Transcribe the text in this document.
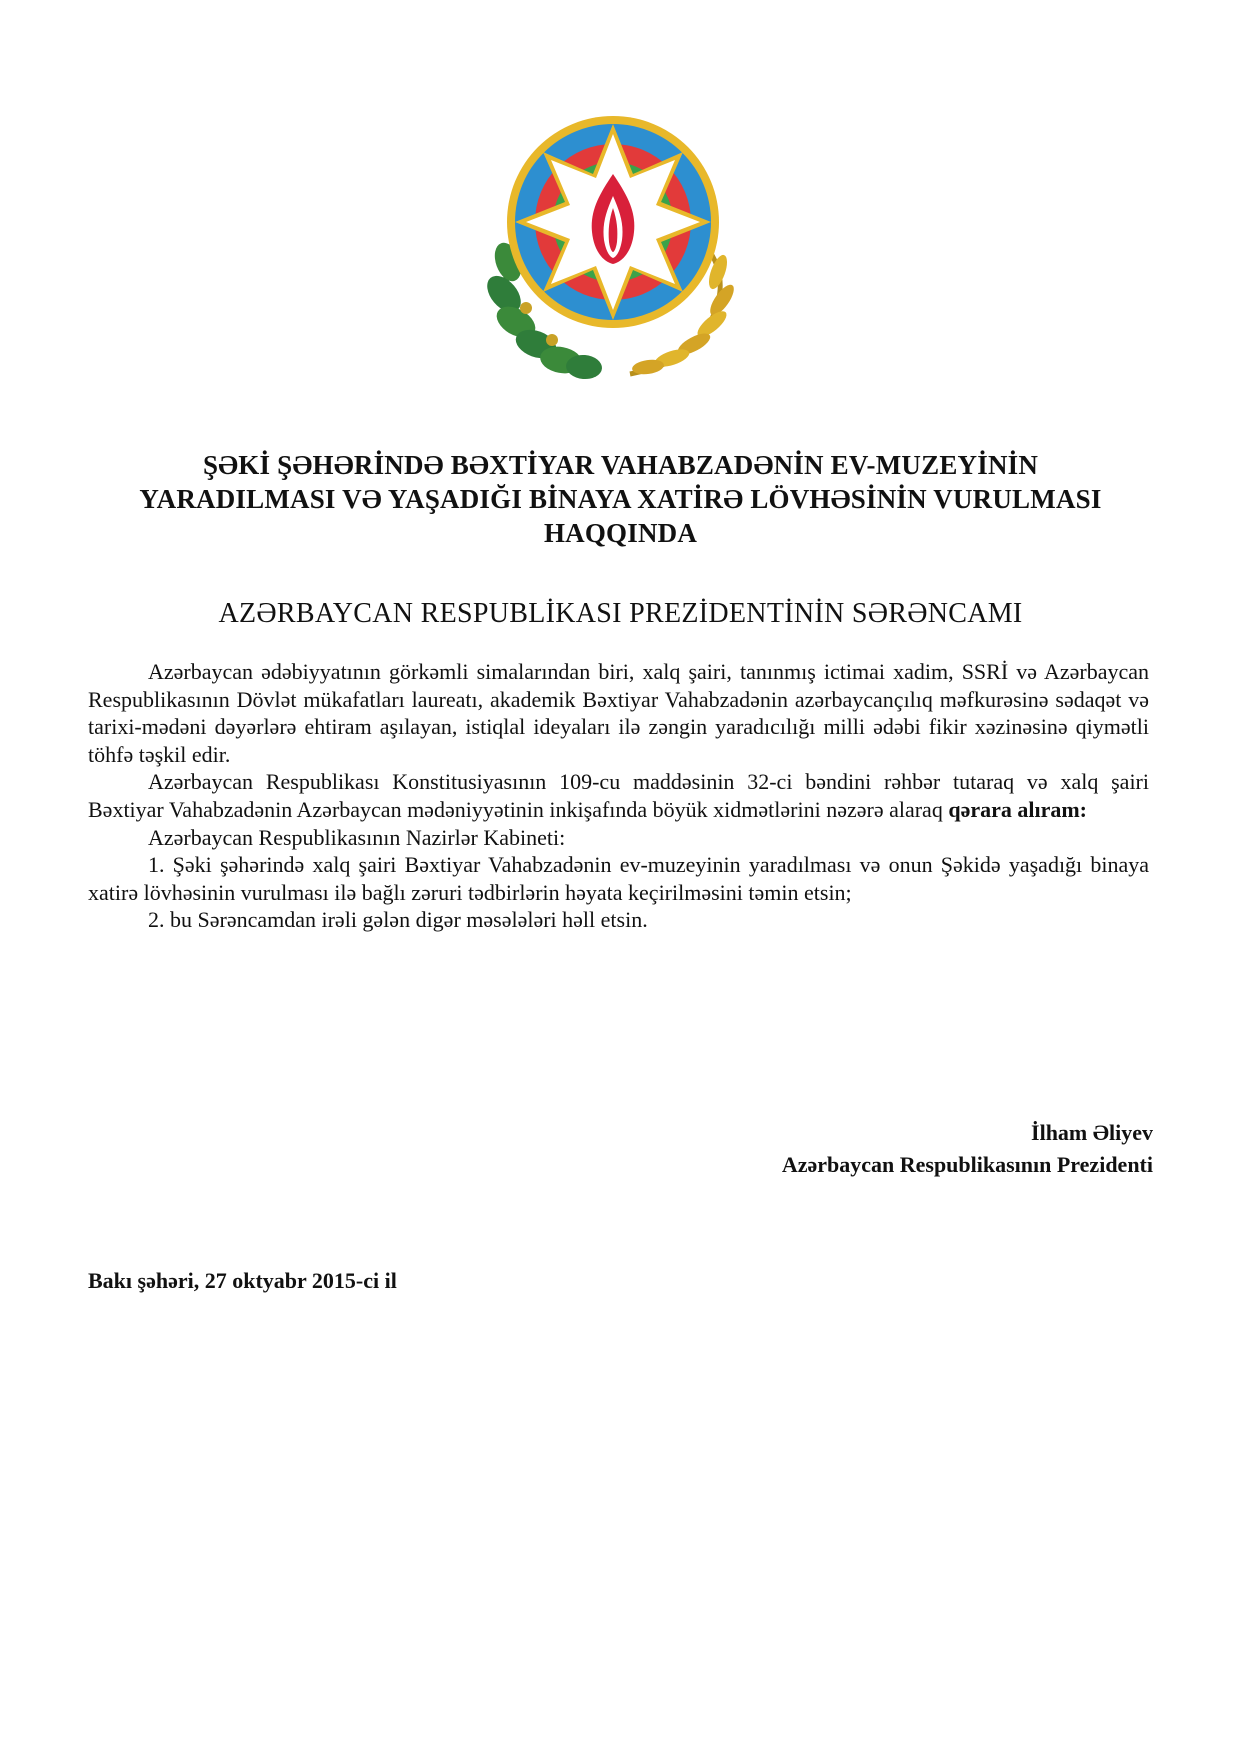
ŞƏKİ ŞƏHƏRİNDƏ BƏXTİYAR VAHABZADƏNİN EV-MUZEYİNİN
YARADILMASI VƏ YAŞADIĞI BİNAYA XATİRƏ LÖVHƏSİNİN VURULMASI
HAQQINDA
AZƏRBAYCAN RESPUBLİKASI PREZİDENTİNİN SƏRƏNCAMI

Azərbaycan ədəbiyyatının görkəmli simalarından biri, xalq şairi, tanınmış ictimai xadim, SSRİ və Azərbaycan Respublikasının Dövlət mükafatları laureatı, akademik Bəxtiyar Vahabzadənin azərbaycançılıq məfkurəsinə sədaqət və tarixi-mədəni dəyərlərə ehtiram aşılayan, istiqlal ideyaları ilə zəngin yaradıcılığı milli ədəbi fikir xəzinəsinə qiymətli töhfə təşkil edir.

Azərbaycan Respublikası Konstitusiyasının 109-cu maddəsinin 32-ci bəndini rəhbər tutaraq və xalq şairi Bəxtiyar Vahabzadənin Azərbaycan mədəniyyətinin inkişafında böyük xidmətlərini nəzərə alaraq qərara alıram:

Azərbaycan Respublikasının Nazirlər Kabineti:

1. Şəki şəhərində xalq şairi Bəxtiyar Vahabzadənin ev-muzeyinin yaradılması və onun Şəkidə yaşadığı binaya xatirə lövhəsinin vurulması ilə bağlı zəruri tədbirlərin həyata keçirilməsini təmin etsin;

2. bu Sərəncamdan irəli gələn digər məsələləri həll etsin.

İlham Əliyev
Azərbaycan Respublikasının Prezidenti
Bakı şəhəri, 27 oktyabr 2015-ci il
